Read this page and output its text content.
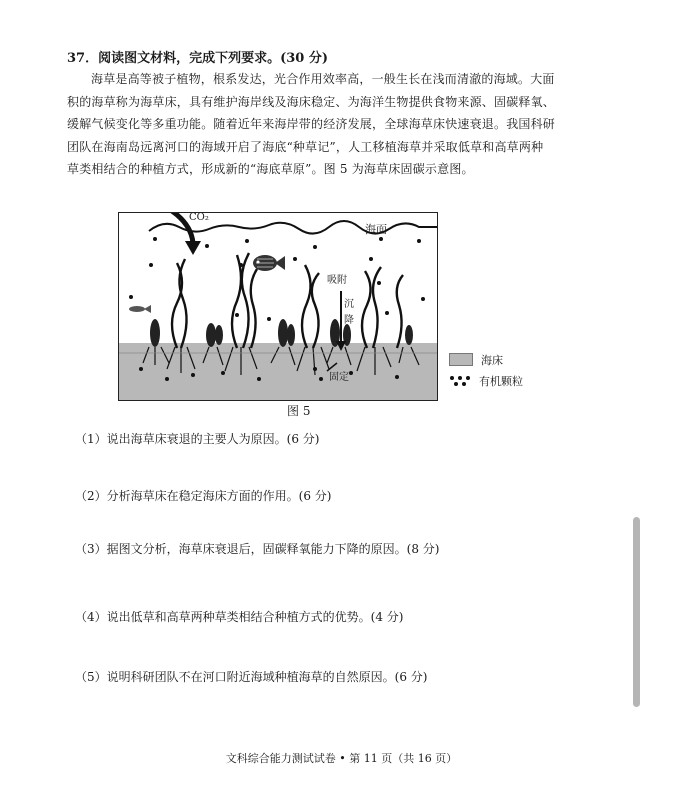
37．阅读图文材料，完成下列要求。(30 分)
海草是高等被子植物，根系发达，光合作用效率高，一般生长在浅而清澈的海域。大面
积的海草称为海草床，具有维护海岸线及海床稳定、为海洋生物提供食物来源、固碳释氧、
缓解气候变化等多重功能。随着近年来海岸带的经济发展，全球海草床快速衰退。我国科研
团队在海南岛远离河口的海域开启了海底“种草记”，人工移植海草并采取低草和高草两种
草类相结合的种植方式，形成新的“海底草原”。图 5 为海草床固碳示意图。
CO₂
海面
吸附
沉
降
固定
海床
有机颗粒
图 5
（1）说出海草床衰退的主要人为原因。(6 分)
（2）分析海草床在稳定海床方面的作用。(6 分)
（3）据图文分析，海草床衰退后，固碳释氧能力下降的原因。(8 分)
（4）说出低草和高草两种草类相结合种植方式的优势。(4 分)
（5）说明科研团队不在河口附近海域种植海草的自然原因。(6 分)
文科综合能力测试试卷 • 第 11 页（共 16 页）
